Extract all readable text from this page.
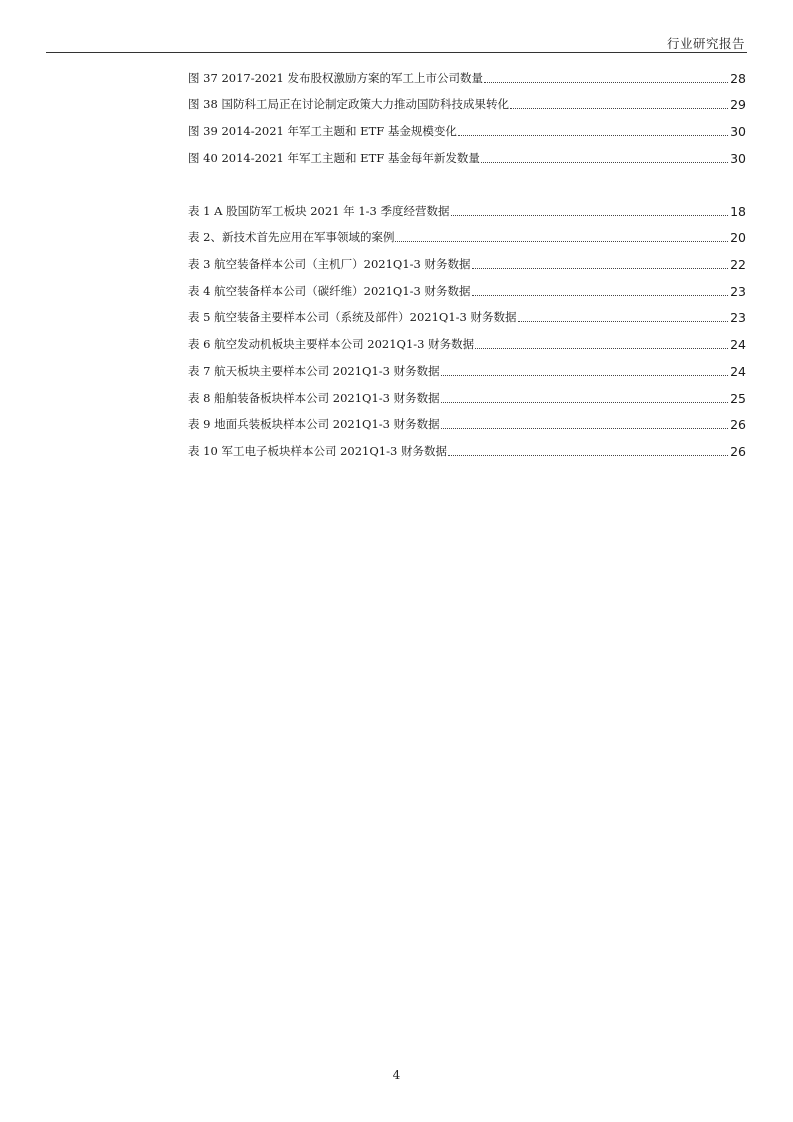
行业研究报告
图 37 2017-2021 发布股权激励方案的军工上市公司数量	28
图 38 国防科工局正在讨论制定政策大力推动国防科技成果转化	29
图 39 2014-2021 年军工主题和 ETF 基金规模变化	30
图 40 2014-2021 年军工主题和 ETF 基金每年新发数量	30
表 1 A 股国防军工板块 2021 年 1-3 季度经营数据	18
表 2、新技术首先应用在军事领域的案例	20
表 3 航空装备样本公司（主机厂）2021Q1-3 财务数据	22
表 4 航空装备样本公司（碳纤维）2021Q1-3 财务数据	23
表 5 航空装备主要样本公司（系统及部件）2021Q1-3 财务数据	23
表 6 航空发动机板块主要样本公司 2021Q1-3 财务数据	24
表 7 航天板块主要样本公司 2021Q1-3 财务数据	24
表 8 船舶装备板块样本公司 2021Q1-3 财务数据	25
表 9 地面兵装板块样本公司 2021Q1-3 财务数据	26
表 10 军工电子板块样本公司 2021Q1-3 财务数据	26
4
